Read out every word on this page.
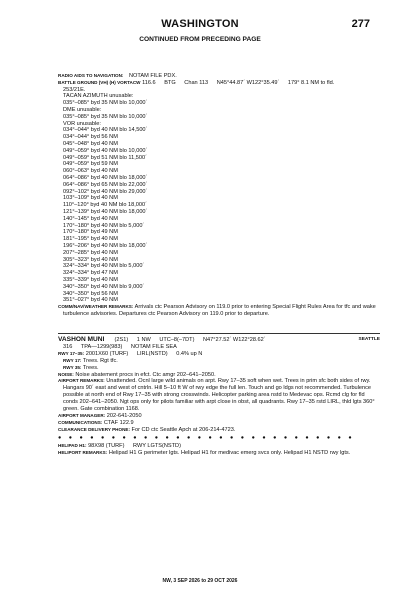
WASHINGTON	277
CONTINUED FROM PRECEDING PAGE
RADIO AIDS TO NAVIGATION: NOTAM FILE PDX.
BATTLE GROUND (VH) (H) VORTACW 116.6 BTG Chan 113 N45°44.87´ W122°35.49´ 179° 8.1 NM to fld.
253/21E.
TACAN AZIMUTH unusable:
035°–085° byd 35 NM blo 10,000´
DME unusable:
035°–085° byd 35 NM blo 10,000´
VOR unusable:
034°–044° byd 40 NM blo 14,500´
034°–044° byd 56 NM
045°–048° byd 40 NM
049°–059° byd 40 NM blo 10,000´
049°–059° byd 51 NM blo 11,500´
049°–059° byd 59 NM
060°–063° byd 40 NM
064°–086° byd 40 NM blo 18,000´
064°–086° byd 65 NM blo 22,000´
092°–102° byd 40 NM blo 29,000´
103°–109° byd 40 NM
110°–120° byd 40 NM blo 18,000´
121°–139° byd 40 NM blo 18,000´
140°–145° byd 40 NM
170°–180° byd 40 NM blo 5,000´
170°–180° byd 49 NM
181°–195° byd 40 NM
196°–206° byd 40 NM blo 18,000´
207°–285° byd 40 NM
305°–323° byd 40 NM
324°–334° byd 40 NM blo 5,000´
324°–334° byd 47 NM
335°–339° byd 40 NM
340°–350° byd 40 NM blo 9,000´
340°–350° byd 56 NM
351°–027° byd 40 NM
COMM/NAV/WEATHER REMARKS: Arrivals ctc Pearson Advisory on 119.0 prior to entering Special Flight Rules Area for tfc and wake turbulence advisories. Departures ctc Pearson Advisory on 119.0 prior to departure.
VASHON MUNI (2S1) 1 NW UTC–8(–7DT) N47°27.52´ W122°28.62´	SEATTLE
316 TPA—1299(983) NOTAM FILE SEA
RWY 17–35: 2001X60 (TURF) LIRL(NSTD) 0.4% up N
RWY 17: Trees. Rgt tfc.
RWY 35: Trees.
NOISE: Noise abatement procs in efct. Ctc amgr 202–641–2050.
AIRPORT REMARKS: Unattended. Ocnl large wild animals on arpt. Rwy 17–35 soft when wet. Trees in prim sfc both sides of rwy. Hangars 90´ east and west of cntrln. Hill 5–10 ft W of rwy edge the full len. Touch and go ldgs not recommended. Turbulence possible at north end of Rwy 17–35 with strong crosswinds. Helicopter parking area nstd to Medevac ops. Rcmd clg for fld conds 202–641–2050. Ngt ops only for pilots familiar with arpt close in obst, all quadrants. Rwy 17–35 rstd LIRL, thld lgts 360° green. Gate combination 1168.
AIRPORT MANAGER: 202-641-2050
COMMUNICATIONS: CTAF 122.9
CLEARANCE DELIVERY PHONE: For CD ctc Seattle Apch at 206-214-4723.
● ● ● ● ● ● ● ● ● ● ● ● ● ● ● ● ● ● ● ● ● ● ● ● ● ● ● ●
HELIPAD H1: 98X98 (TURF) RWY LGTS(NSTD)
HELIPORT REMARKS: Helipad H1 G perimeter lgts. Helipad H1 for medivac emerg svcs only. Helipad H1 NSTD rwy lgts.
NW, 3 SEP 2026 to 29 OCT 2026
